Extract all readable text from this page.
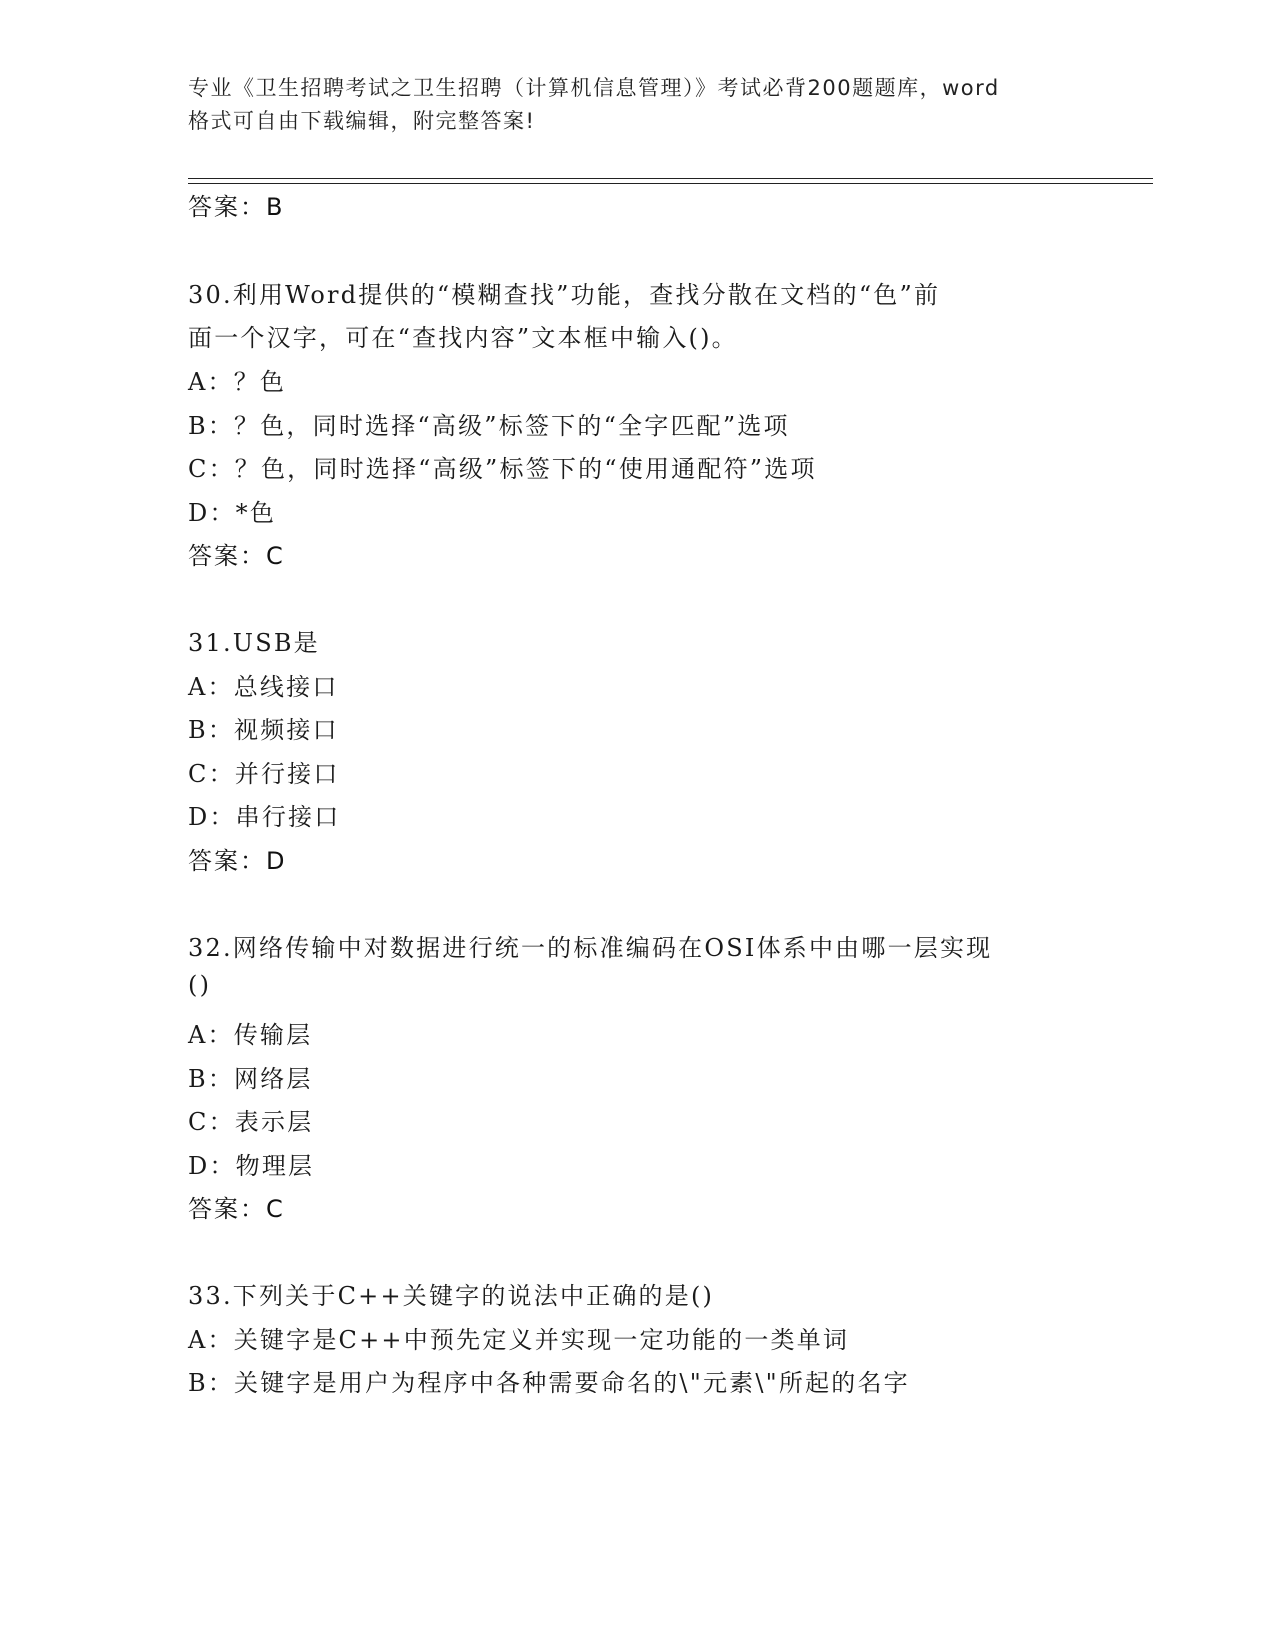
专业《卫生招聘考试之卫生招聘（计算机信息管理）》考试必背200题题库，word
格式可自由下载编辑，附完整答案!
答案：B
30.利用Word提供的“模糊查找”功能，查找分散在文档的“色”前
面一个汉字，可在“查找内容”文本框中输入()。
A：？色
B：？色，同时选择“高级”标签下的“全字匹配”选项
C：？色，同时选择“高级”标签下的“使用通配符”选项
D：*色
答案：C
31.USB是
A：总线接口
B：视频接口
C：并行接口
D：串行接口
答案：D
32.网络传输中对数据进行统一的标准编码在OSI体系中由哪一层实现
()
A：传输层
B：网络层
C：表示层
D：物理层
答案：C
33.下列关于C++关键字的说法中正确的是()
A：关键字是C++中预先定义并实现一定功能的一类单词
B：关键字是用户为程序中各种需要命名的\"元素\"所起的名字
